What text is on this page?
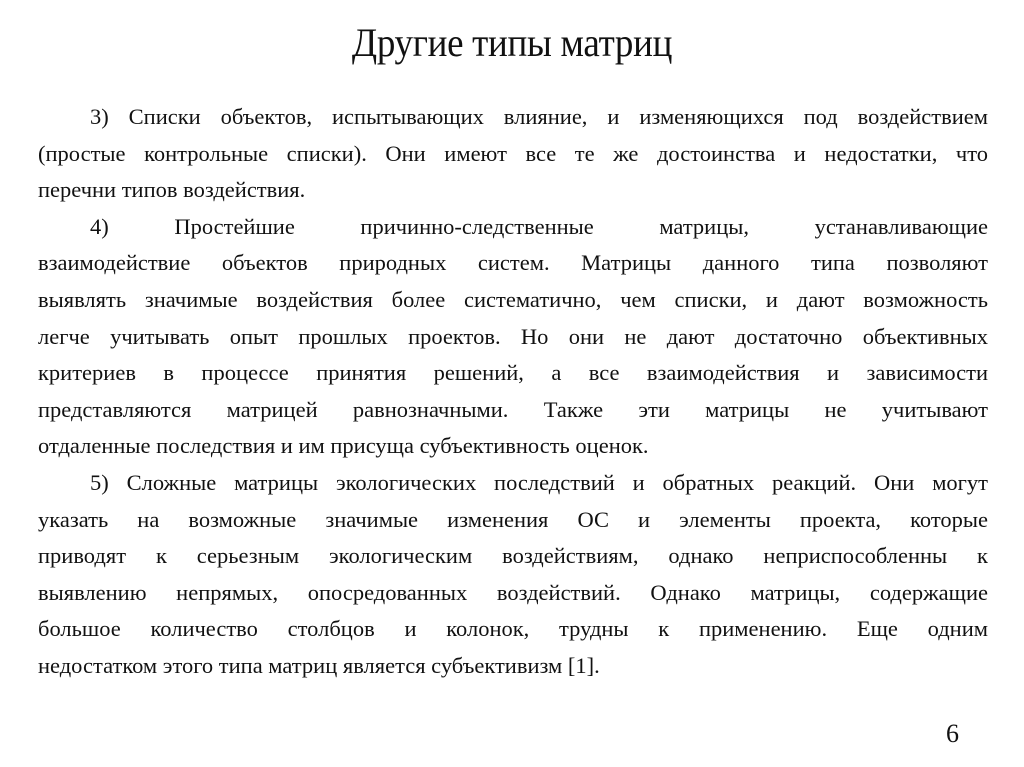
Другие типы матриц
3) Списки объектов, испытывающих влияние, и изменяющихся под воздействием
(простые контрольные списки). Они имеют все те же достоинства и недостатки, что
перечни типов воздействия.
4) Простейшие причинно-следственные матрицы, устанавливающие
взаимодействие объектов природных систем. Матрицы данного типа позволяют
выявлять значимые воздействия более систематично, чем списки, и дают возможность
легче учитывать опыт прошлых проектов. Но они не дают достаточно объективных
критериев в процессе принятия решений, а все взаимодействия и зависимости
представляются матрицей равнозначными. Также эти матрицы не учитывают
отдаленные последствия и им присуща субъективность оценок.
5) Сложные матрицы экологических последствий и обратных реакций. Они могут
указать на возможные значимые изменения ОС и элементы проекта, которые
приводят к серьезным экологическим воздействиям, однако неприспособленны к
выявлению непрямых, опосредованных воздействий. Однако матрицы, содержащие
большое количество столбцов и колонок, трудны к применению. Еще одним
недостатком этого типа матриц является субъективизм [1].
6
